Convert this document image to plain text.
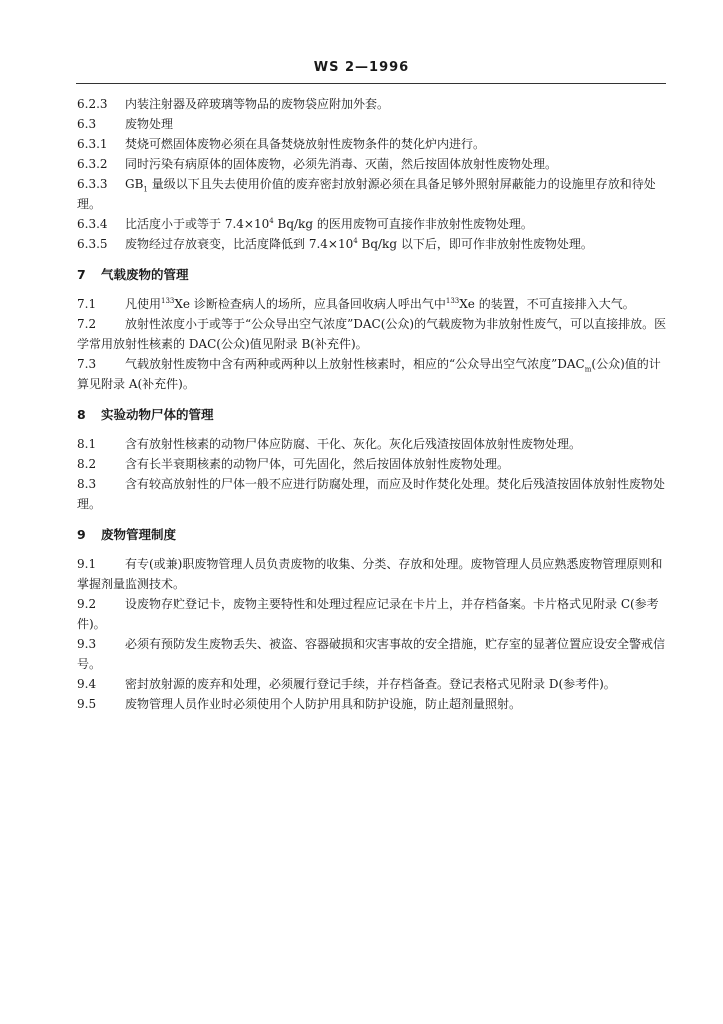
WS 2—1996

6.2.3 内装注射器及碎玻璃等物品的废物袋应附加外套。

6.3 废物处理

6.3.1 焚烧可燃固体废物必须在具备焚烧放射性废物条件的焚化炉内进行。

6.3.2 同时污染有病原体的固体废物，必须先消毒、灭菌，然后按固体放射性废物处理。

6.3.3 $GB_1$ 量级以下且失去使用价值的废弃密封放射源必须在具备足够外照射屏蔽能力的设施里存放和待处理。

6.3.4 比活度小于或等于 $7.4\times 10^4$ Bq/kg 的医用废物可直接作非放射性废物处理。

6.3.5 废物经过存放衰变，比活度降低到 $7.4\times 10^4$ Bq/kg 以下后，即可作非放射性废物处理。

7 气载废物的管理

7.1 凡使用$^{133}$Xe 诊断检查病人的场所，应具备回收病人呼出气中$^{133}$Xe 的装置，不可直接排入大气。

7.2 放射性浓度小于或等于“公众导出空气浓度”DAC(公众)的气载废物为非放射性废气，可以直接排放。医学常用放射性核素的 DAC(公众)值见附录 B(补充件)。

7.3 气载放射性废物中含有两种或两种以上放射性核素时，相应的“公众导出空气浓度$”DAC_m$(公众)值的计算见附录 A(补充件)。

8 实验动物尸体的管理

8.1 含有放射性核素的动物尸体应防腐、干化、灰化。灰化后残渣按固体放射性废物处理。

8.2 含有长半衰期核素的动物尸体，可先固化，然后按固体放射性废物处理。

8.3 含有较高放射性的尸体一般不应进行防腐处理，而应及时作焚化处理。焚化后残渣按固体放射性废物处理。

9 废物管理制度

9.1 有专(或兼)职废物管理人员负责废物的收集、分类、存放和处理。废物管理人员应熟悉废物管理原则和掌握剂量监测技术。

9.2 设废物存贮登记卡，废物主要特性和处理过程应记录在卡片上，并存档备案。卡片格式见附录 C(参考件)。

9.3 必须有预防发生废物丢失、被盗、容器破损和灾害事故的安全措施，贮存室的显著位置应设安全警戒信号。

9.4 密封放射源的废弃和处理，必须履行登记手续，并存档备查。登记表格式见附录 D(参考件)。

9.5 废物管理人员作业时必须使用个人防护用具和防护设施，防止超剂量照射。
